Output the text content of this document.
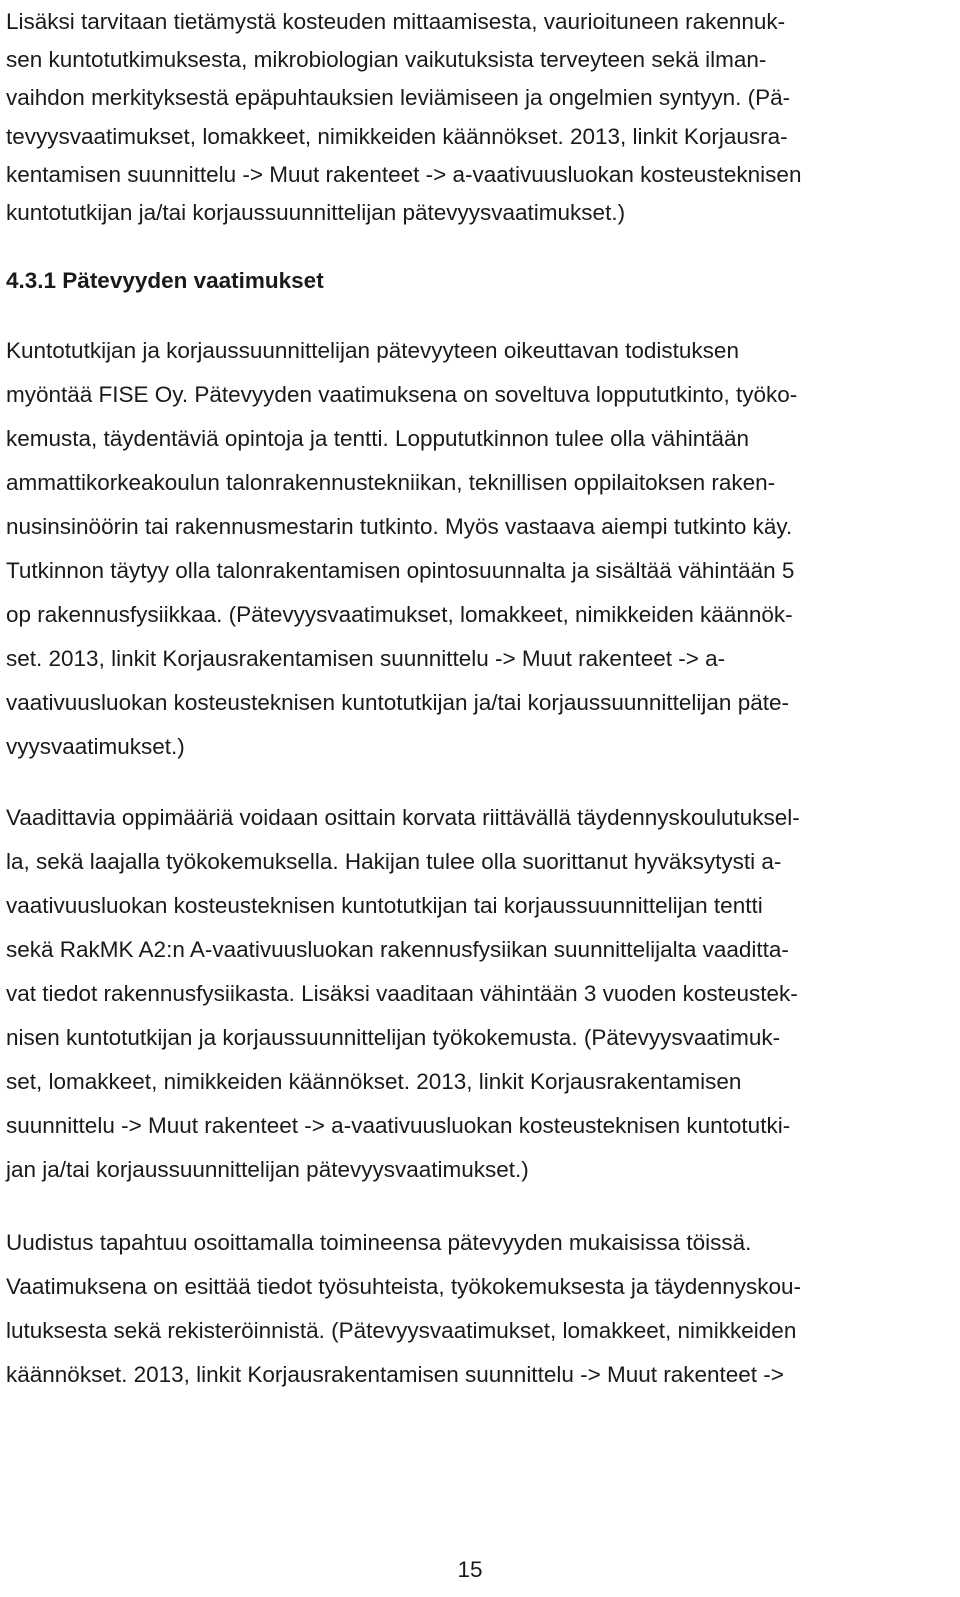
Lisäksi tarvitaan tietämystä kosteuden mittaamisesta, vaurioituneen rakennuk-
sen kuntotutkimuksesta, mikrobiologian vaikutuksista terveyteen sekä ilman-
vaihdon merkityksestä epäpuhtauksien leviämiseen ja ongelmien syntyyn. (Pä-
tevyysvaatimukset, lomakkeet, nimikkeiden käännökset. 2013, linkit Korjausra-
kentamisen suunnittelu -> Muut rakenteet -> a-vaativuusluokan kosteusteknisen
kuntotutkijan ja/tai korjaussuunnittelijan pätevyysvaatimukset.)
4.3.1 Pätevyyden vaatimukset
Kuntotutkijan ja korjaussuunnittelijan pätevyyteen oikeuttavan todistuksen
myöntää FISE Oy. Pätevyyden vaatimuksena on soveltuva loppututkinto, työko-
kemusta, täydentäviä opintoja ja tentti. Loppututkinnon tulee olla vähintään
ammattikorkeakoulun talonrakennustekniikan, teknillisen oppilaitoksen raken-
nusinsinöörin tai rakennusmestarin tutkinto. Myös vastaava aiempi tutkinto käy.
Tutkinnon täytyy olla talonrakentamisen opintosuunnalta ja sisältää vähintään 5
op rakennusfysiikkaa. (Pätevyysvaatimukset, lomakkeet, nimikkeiden käännök-
set. 2013, linkit Korjausrakentamisen suunnittelu -> Muut rakenteet -> a-
vaativuusluokan kosteusteknisen kuntotutkijan ja/tai korjaussuunnittelijan päte-
vyysvaatimukset.)
Vaadittavia oppimääriä voidaan osittain korvata riittävällä täydennyskoulutuksel-
la, sekä laajalla työkokemuksella. Hakijan tulee olla suorittanut hyväksytysti a-
vaativuusluokan kosteusteknisen kuntotutkijan tai korjaussuunnittelijan tentti
sekä RakMK A2:n A-vaativuusluokan rakennusfysiikan suunnittelijalta vaaditta-
vat tiedot rakennusfysiikasta. Lisäksi vaaditaan vähintään 3 vuoden kosteustek-
nisen kuntotutkijan ja korjaussuunnittelijan työkokemusta. (Pätevyysvaatimuk-
set, lomakkeet, nimikkeiden käännökset. 2013, linkit Korjausrakentamisen
suunnittelu -> Muut rakenteet -> a-vaativuusluokan kosteusteknisen kuntotutki-
jan ja/tai korjaussuunnittelijan pätevyysvaatimukset.)
Uudistus tapahtuu osoittamalla toimineensa pätevyyden mukaisissa töissä.
Vaatimuksena on esittää tiedot työsuhteista, työkokemuksesta ja täydennyskou-
lutuksesta sekä rekisteröinnistä. (Pätevyysvaatimukset, lomakkeet, nimikkeiden
käännökset. 2013, linkit Korjausrakentamisen suunnittelu -> Muut rakenteet ->
15
